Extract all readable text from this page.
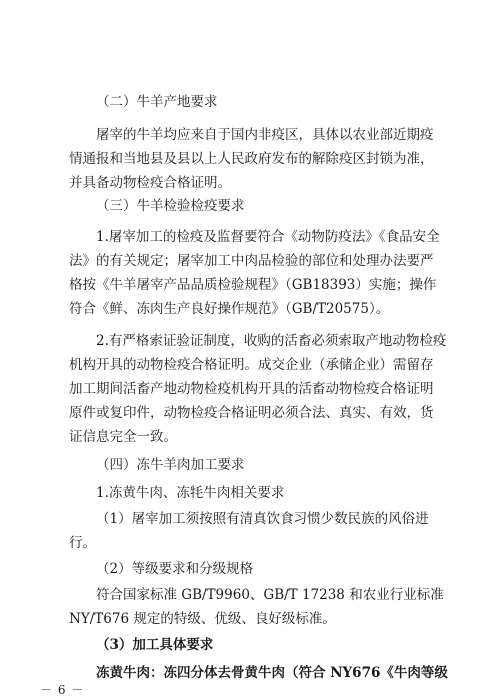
（二）牛羊产地要求

屠宰的牛羊均应来自于国内非疫区，具体以农业部近期疫

情通报和当地县及县以上人民政府发布的解除疫区封锁为准，

并具备动物检疫合格证明。

（三）牛羊检验检疫要求

1.屠宰加工的检疫及监督要符合《动物防疫法》《食品安全

法》的有关规定；屠宰加工中肉品检验的部位和处理办法要严

格按《牛羊屠宰产品品质检验规程》（GB18393）实施；操作

符合《鲜、冻肉生产良好操作规范》（GB/T20575）。

2.有严格索证验证制度，收购的活畜必须索取产地动物检疫

机构开具的动物检疫合格证明。成交企业（承储企业）需留存

加工期间活畜产地动物检疫机构开具的活畜动物检疫合格证明

原件或复印件，动物检疫合格证明必须合法、真实、有效，货

证信息完全一致。

（四）冻牛羊肉加工要求

1.冻黄牛肉、冻牦牛肉相关要求

（1）屠宰加工须按照有清真饮食习惯少数民族的风俗进

行。

（2）等级要求和分级规格

符合国家标准 GB/T9960、GB/T 17238 和农业行业标准

NY/T676 规定的特级、优级、良好级标准。

（3）加工具体要求

冻黄牛肉：冻四分体去骨黄牛肉（符合 NY676《牛肉等级

－ 6 －
